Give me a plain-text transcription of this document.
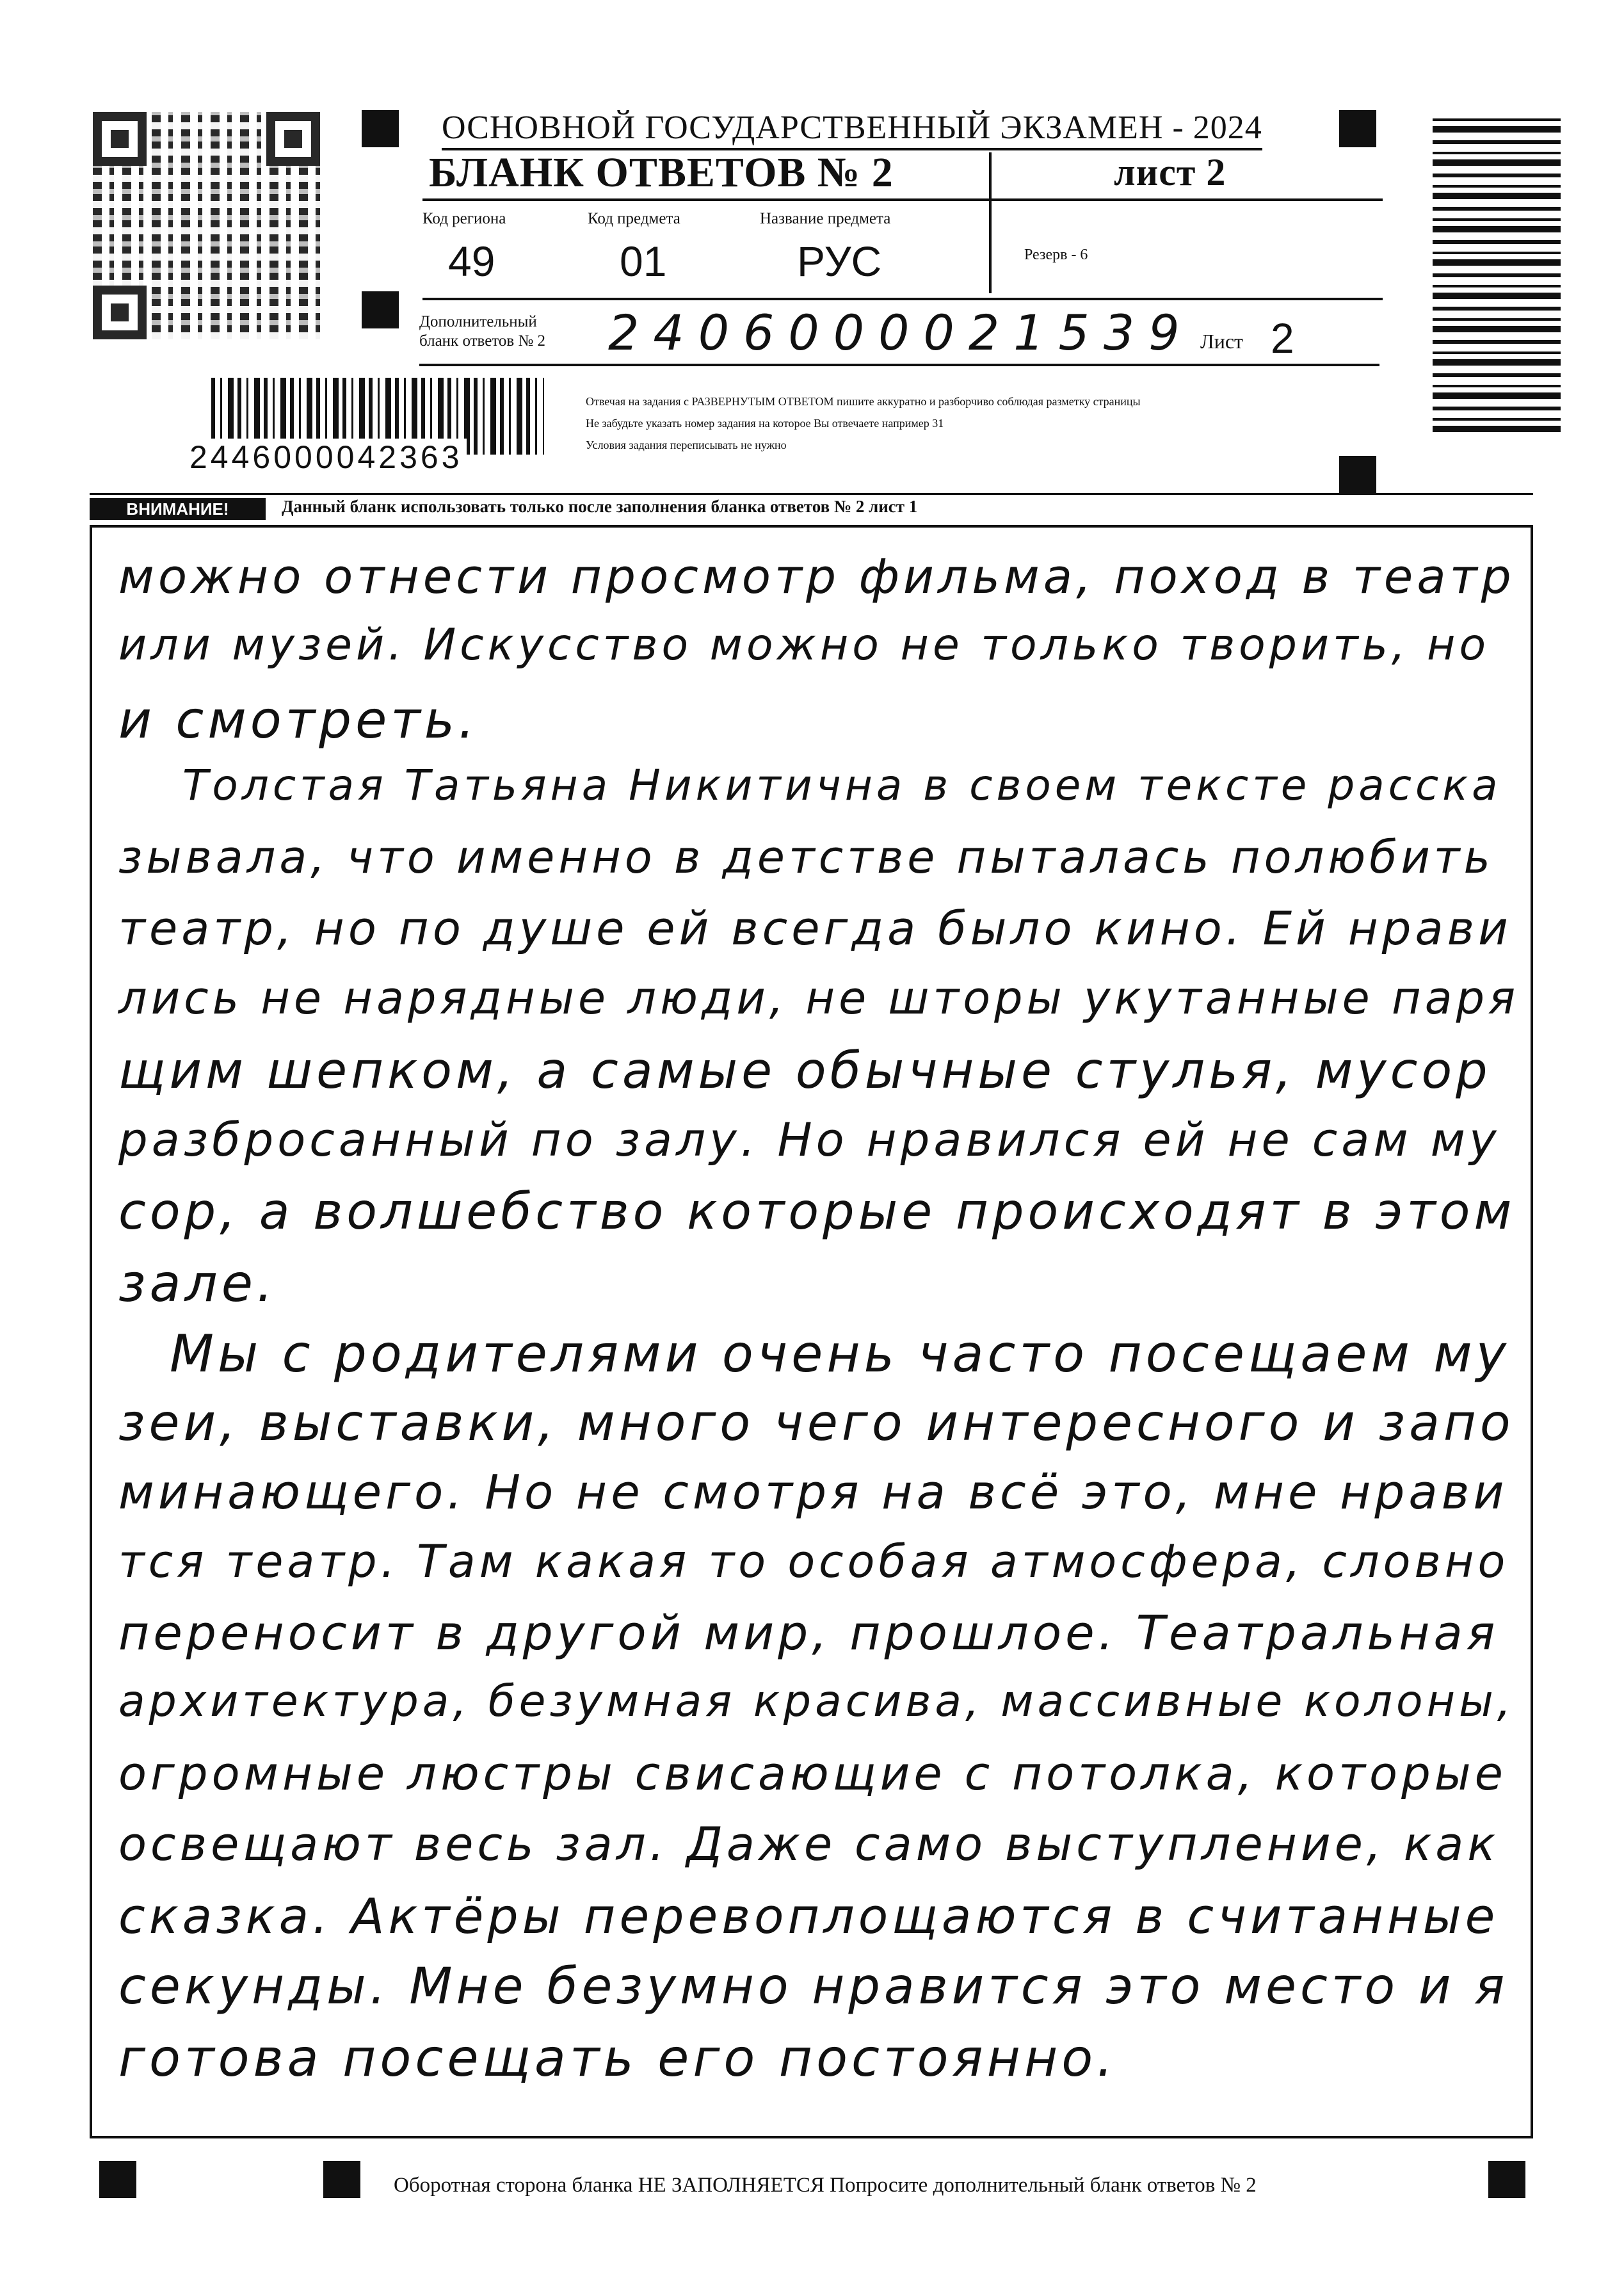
ОСНОВНОЙ ГОСУДАРСТВЕННЫЙ ЭКЗАМЕН - 2024
БЛАНК ОТВЕТОВ № 2	лист 2
Код региона
49
Код предмета
01
Название предмета
РУС	Резерв - 6
Дополнительный
бланк ответов № 2 2406000021539 Лист 2
2446000042363
Отвечая на задания с РАЗВЕРНУТЫМ ОТВЕТОМ пишите аккуратно и разборчиво соблюдая разметку страницы
Не забудьте указать номер задания на которое Вы отвечаете например 31
Условия задания переписывать не нужно
ВНИМАНИЕ!	Данный бланк использовать только после заполнения бланка ответов № 2 лист 1
можно отнести просмотр фильма, поход в театр
или музей. Искусство можно не только творить, но
и смотреть.
Толстая Татьяна Никитична в своем тексте расска
зывала, что именно в детстве пыталась полюбить
театр, но по душе ей всегда было кино. Ей нрави
лись не нарядные люди, не шторы укутанные паря
щим шепком, а самые обычные стулья, мусор
разбросанный по залу. Но нравился ей не сам му
сор, а волшебство которые происходят в этом
зале.
Мы с родителями очень часто посещаем му
зеи, выставки, много чего интересного и запо
минающего. Но не смотря на всё это, мне нрави
тся театр. Там какая то особая атмосфера, словно
переносит в другой мир, прошлое. Театральная
архитектура, безумная красива, массивные колоны,
огромные люстры свисающие с потолка, которые
освещают весь зал. Даже само выступление, как
сказка. Актёры перевоплощаются в считанные
секунды. Мне безумно нравится это место и я
готова посещать его постоянно.
Оборотная сторона бланка НЕ ЗАПОЛНЯЕТСЯ Попросите дополнительный бланк ответов № 2
